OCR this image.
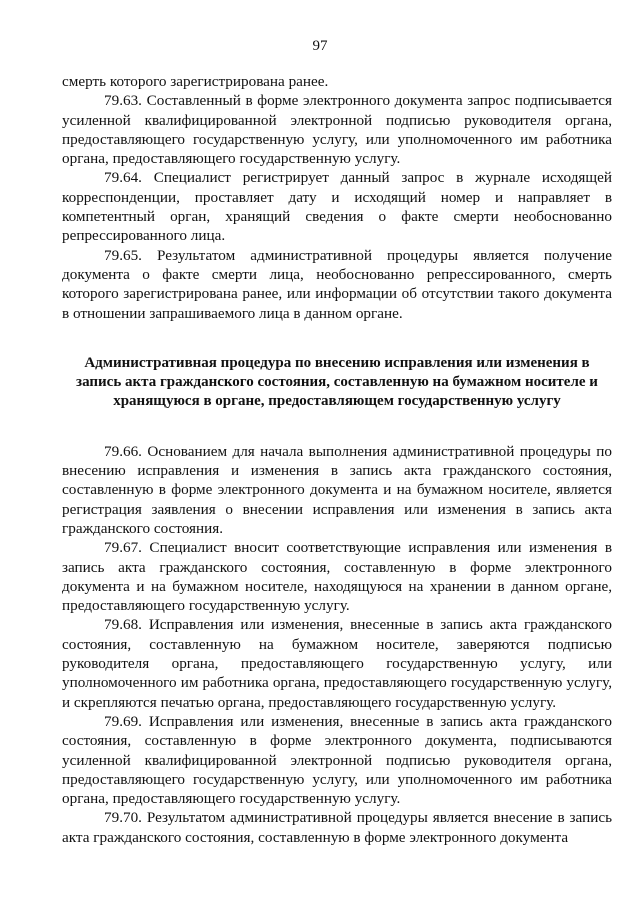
97

смерть которого зарегистрирована ранее.

79.63. Составленный в форме электронного документа запрос подписывается усиленной квалифицированной электронной подписью руководителя органа, предоставляющего государственную услугу, или уполномоченного им работника органа, предоставляющего государственную услугу.

79.64. Специалист регистрирует данный запрос в журнале исходящей корреспонденции, проставляет дату и исходящий номер и направляет в компетентный орган, хранящий сведения о факте смерти необоснованно репрессированного лица.

79.65. Результатом административной процедуры является получение документа о факте смерти лица, необоснованно репрессированного, смерть которого зарегистрирована ранее, или информации об отсутствии такого документа в отношении запрашиваемого лица в данном органе.

Административная процедура по внесению исправления или изменения в запись акта гражданского состояния, составленную на бумажном носителе и хранящуюся в органе, предоставляющем государственную услугу

79.66. Основанием для начала выполнения административной процедуры по внесению исправления и изменения в запись акта гражданского состояния, составленную в форме электронного документа и на бумажном носителе, является регистрация заявления о внесении исправления или изменения в запись акта гражданского состояния.

79.67. Специалист вносит соответствующие исправления или изменения в запись акта гражданского состояния, составленную в форме электронного документа и на бумажном носителе, находящуюся на хранении в данном органе, предоставляющего государственную услугу.

79.68. Исправления или изменения, внесенные в запись акта гражданского состояния, составленную на бумажном носителе, заверяются подписью руководителя органа, предоставляющего государственную услугу, или уполномоченного им работника органа, предоставляющего государственную услугу, и скрепляются печатью органа, предоставляющего государственную услугу.

79.69. Исправления или изменения, внесенные в запись акта гражданского состояния, составленную в форме электронного документа, подписываются усиленной квалифицированной электронной подписью руководителя органа, предоставляющего государственную услугу, или уполномоченного им работника органа, предоставляющего государственную услугу.

79.70. Результатом административной процедуры является внесение в запись акта гражданского состояния, составленную в форме электронного документа
